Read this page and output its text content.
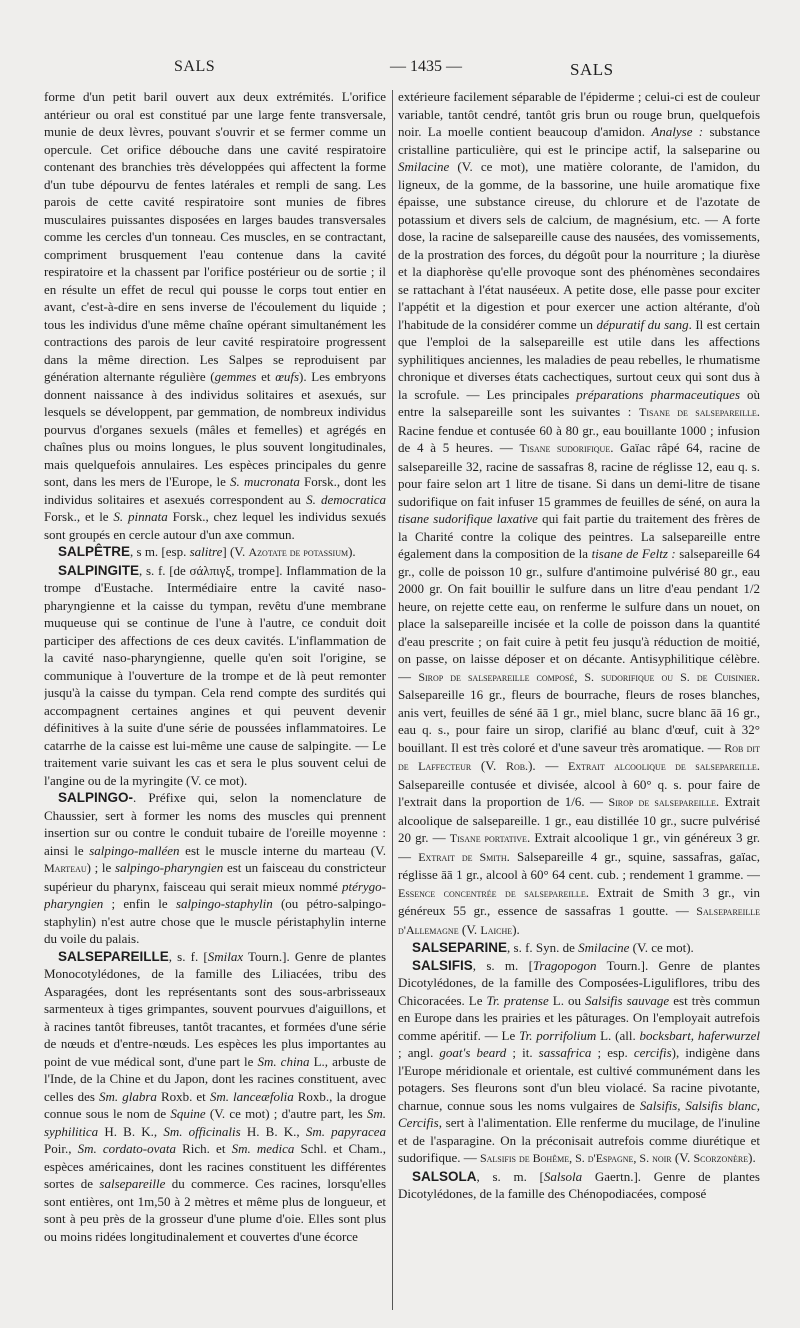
SALS	— 1435 —	SALS

forme d'un petit baril ouvert aux deux extrémités. L'orifice antérieur ou oral est constitué par une large fente transversale, munie de deux lèvres, pouvant s'ouvrir et se fermer comme un opercule. Cet orifice débouche dans une cavité respiratoire contenant des branchies très développées qui affectent la forme d'un tube dépourvu de fentes latérales et rempli de sang. Les parois de cette cavité respiratoire sont munies de fibres musculaires puissantes disposées en larges baudes transversales comme les cercles d'un tonneau. Ces muscles, en se contractant, compriment brusquement l'eau contenue dans la cavité respiratoire et la chassent par l'orifice postérieur ou de sortie ; il en résulte un effet de recul qui pousse le corps tout entier en avant, c'est-à-dire en sens inverse de l'écoulement du liquide ; tous les individus d'une même chaîne opérant simultanément les contractions des parois de leur cavité respiratoire progressent dans la même direction. Les Salpes se reproduisent par génération alternante régulière (gemmes et œufs). Les embryons donnent naissance à des individus solitaires et asexués, sur lesquels se développent, par gemmation, de nombreux individus pourvus d'organes sexuels (mâles et femelles) et agrégés en chaînes plus ou moins longues, le plus souvent longitudinales, mais quelquefois annulaires. Les espèces principales du genre sont, dans les mers de l'Europe, le S. mucronata Forsk., dont les individus solitaires et asexués correspondent au S. democratica Forsk., et le S. pinnata Forsk., chez lequel les individus sexués sont groupés en cercle autour d'un axe commun.

SALPÊTRE, s m. [esp. salitre] (V. Azotate de potassium).

SALPINGITE, s. f. [de σάλπιγξ, trompe]. Inflammation de la trompe d'Eustache. Intermédiaire entre la cavité naso-pharyngienne et la caisse du tympan, revêtu d'une membrane muqueuse qui se continue de l'une à l'autre, ce conduit doit participer des affections de ces deux cavités. L'inflammation de la cavité naso-pharyngienne, quelle qu'en soit l'origine, se communique à l'ouverture de la trompe et de là peut remonter jusqu'à la caisse du tympan. Cela rend compte des surdités qui accompagnent certaines angines et qui peuvent devenir définitives à la suite d'une série de poussées inflammatoires. Le catarrhe de la caisse est lui-même une cause de salpingite. — Le traitement varie suivant les cas et sera le plus souvent celui de l'angine ou de la myringite (V. ce mot).

SALPINGO-. Préfixe qui, selon la nomenclature de Chaussier, sert à former les noms des muscles qui prennent insertion sur ou contre le conduit tubaire de l'oreille moyenne : ainsi le salpingo-malléen est le muscle interne du marteau (V. Marteau) ; le salpingo-pharyngien est un faisceau du constricteur supérieur du pharynx, faisceau qui serait mieux nommé ptérygo-pharyngien ; enfin le salpingo-staphylin (ou pétro-salpingo-staphylin) n'est autre chose que le muscle péristaphylin interne du voile du palais.

SALSEPAREILLE, s. f. [Smilax Tourn.]. Genre de plantes Monocotylédones, de la famille des Liliacées, tribu des Asparagées, dont les représentants sont des sous-arbrisseaux sarmenteux à tiges grimpantes, souvent pourvues d'aiguillons, et à racines tantôt fibreuses, tantôt tracantes, et formées d'une série de nœuds et d'entre-nœuds. Les espèces les plus importantes au point de vue médical sont, d'une part le Sm. china L., arbuste de l'Inde, de la Chine et du Japon, dont les racines constituent, avec celles des Sm. glabra Roxb. et Sm. lanceæfolia Roxb., la drogue connue sous le nom de Squine (V. ce mot) ; d'autre part, les Sm. syphilitica H. B. K., Sm. officinalis H. B. K., Sm. papyracea Poir., Sm. cordato-ovata Rich. et Sm. medica Schl. et Cham., espèces américaines, dont les racines constituent les différentes sortes de salsepareille du commerce. Ces racines, lorsqu'elles sont entières, ont 1m,50 à 2 mètres et même plus de longueur, et sont à peu près de la grosseur d'une plume d'oie. Elles sont plus ou moins ridées longitudinalement et couvertes d'une écorce

extérieure facilement séparable de l'épiderme ; celui-ci est de couleur variable, tantôt cendré, tantôt gris brun ou rouge brun, quelquefois noir. La moelle contient beaucoup d'amidon. Analyse : substance cristalline particulière, qui est le principe actif, la salseparine ou Smilacine (V. ce mot), une matière colorante, de l'amidon, du ligneux, de la gomme, de la bassorine, une huile aromatique fixe épaisse, une substance cireuse, du chlorure et de l'azotate de potassium et divers sels de calcium, de magnésium, etc. — A forte dose, la racine de salsepareille cause des nausées, des vomissements, de la prostration des forces, du dégoût pour la nourriture ; la diurèse et la diaphorèse qu'elle provoque sont des phénomènes secondaires se rattachant à l'état nauséeux. A petite dose, elle passe pour exciter l'appétit et la digestion et pour exercer une action altérante, d'où l'habitude de la considérer comme un dépuratif du sang. Il est certain que l'emploi de la salsepareille est utile dans les affections syphilitiques anciennes, les maladies de peau rebelles, le rhumatisme chronique et diverses états cachectiques, surtout ceux qui sont dus à la scrofule. — Les principales préparations pharmaceutiques où entre la salsepareille sont les suivantes : Tisane de salsepareille. Racine fendue et contusée 60 à 80 gr., eau bouillante 1000 ; infusion de 4 à 5 heures. — Tisane sudorifique. Gaïac râpé 64, racine de salsepareille 32, racine de sassafras 8, racine de réglisse 12, eau q. s. pour faire selon art 1 litre de tisane. Si dans un demi-litre de tisane sudorifique on fait infuser 15 grammes de feuilles de séné, on aura la tisane sudorifique laxative qui fait partie du traitement des frères de la Charité contre la colique des peintres. La salsepareille entre également dans la composition de la tisane de Feltz : salsepareille 64 gr., colle de poisson 10 gr., sulfure d'antimoine pulvérisé 80 gr., eau 2000 gr. On fait bouillir le sulfure dans un litre d'eau pendant 1/2 heure, on rejette cette eau, on renferme le sulfure dans un nouet, on place la salsepareille incisée et la colle de poisson dans la quantité d'eau prescrite ; on fait cuire à petit feu jusqu'à réduction de moitié, on passe, on laisse déposer et on décante. Antisyphilitique célèbre. — Sirop de salsepareille composé, S. sudorifique ou S. de Cuisinier. Salsepareille 16 gr., fleurs de bourrache, fleurs de roses blanches, anis vert, feuilles de séné āā 1 gr., miel blanc, sucre blanc āā 16 gr., eau q. s., pour faire un sirop, clarifié au blanc d'œuf, cuit à 32° bouillant. Il est très coloré et d'une saveur très aromatique. — Rob dit de Laffecteur (V. Rob.). — Extrait alcoolique de salsepareille. Salsepareille contusée et divisée, alcool à 60° q. s. pour faire de l'extrait dans la proportion de 1/6. — Sirop de salsepareille. Extrait alcoolique de salsepareille. 1 gr., eau distillée 10 gr., sucre pulvérisé 20 gr. — Tisane portative. Extrait alcoolique 1 gr., vin généreux 3 gr. — Extrait de Smith. Salsepareille 4 gr., squine, sassafras, gaïac, réglisse āā 1 gr., alcool à 60° 64 cent. cub. ; rendement 1 gramme. — Essence concentrée de salsepareille. Extrait de Smith 3 gr., vin généreux 55 gr., essence de sassafras 1 goutte. — Salsepareille d'Allemagne (V. Laiche).

SALSEPARINE, s. f. Syn. de Smilacine (V. ce mot).

SALSIFIS, s. m. [Tragopogon Tourn.]. Genre de plantes Dicotylédones, de la famille des Composées-Liguliflores, tribu des Chicoracées. Le Tr. pratense L. ou Salsifis sauvage est très commun en Europe dans les prairies et les pâturages. On l'employait autrefois comme apéritif. — Le Tr. porrifolium L. (all. bocksbart, haferwurzel ; angl. goat's beard ; it. sassafrica ; esp. cercifis), indigène dans l'Europe méridionale et orientale, est cultivé communément dans les potagers. Ses fleurons sont d'un bleu violacé. Sa racine pivotante, charnue, connue sous les noms vulgaires de Salsifis, Salsifis blanc, Cercifis, sert à l'alimentation. Elle renferme du mucilage, de l'inuline et de l'asparagine. On la préconisait autrefois comme diurétique et sudorifique. — Salsifis de Bohême, S. d'Espagne, S. noir (V. Scorzonère).

SALSOLA, s. m. [Salsola Gaertn.]. Genre de plantes Dicotylédones, de la famille des Chénopodiacées, composé
